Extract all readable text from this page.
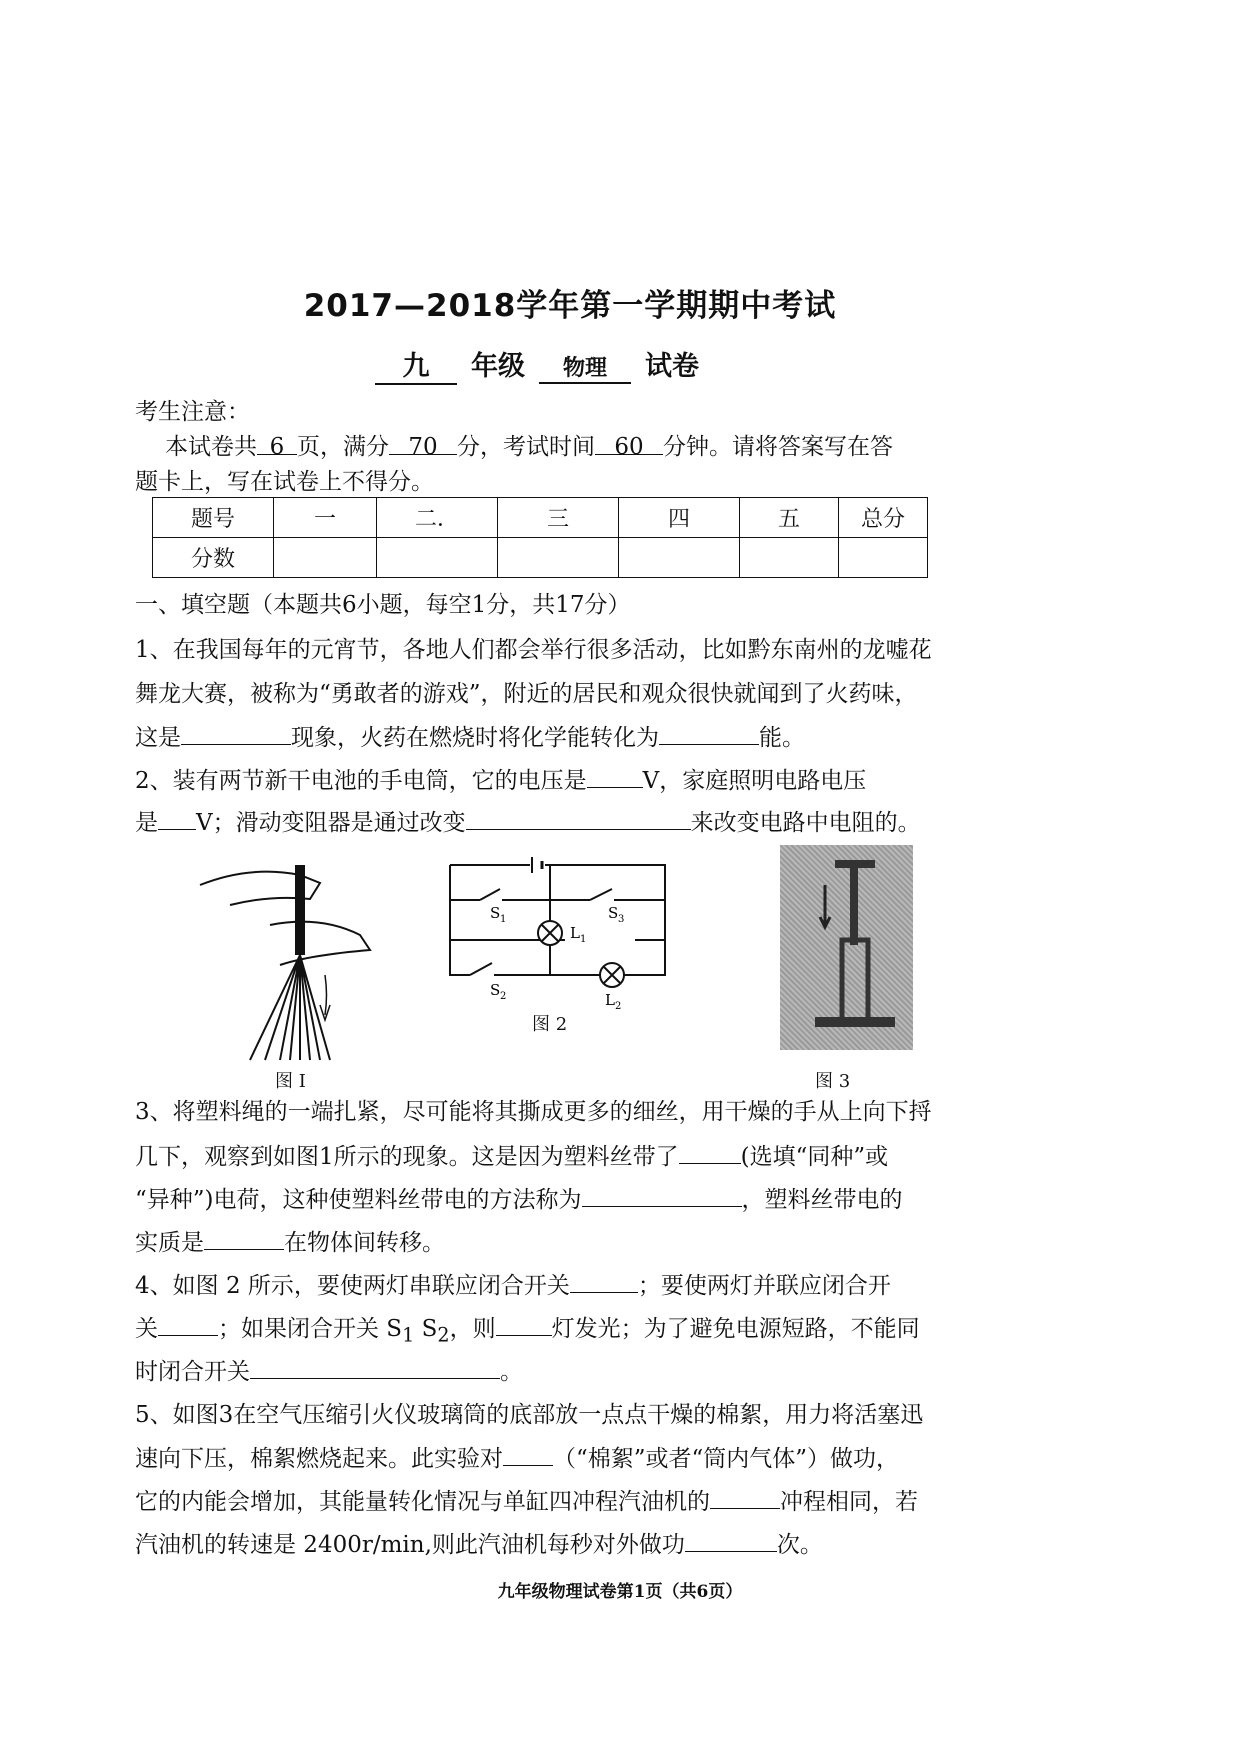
2017—2018学年第一学期期中考试
九	年级	物理	试卷
考生注意：
本试卷共 6 页，满分 70 分，考试时间 60 分钟。请将答案写在答
题卡上，写在试卷上不得分。
题号	一	二．	三	四	五	总分
分数						
一、填空题（本题共6小题，每空1分，共17分）
1、在我国每年的元宵节，各地人们都会举行很多活动，比如黔东南州的龙嘘花
舞龙大赛，被称为“勇敢者的游戏”，附近的居民和观众很快就闻到了火药味，
这是	现象，火药在燃烧时将化学能转化为	能。
2、装有两节新干电池的手电筒，它的电压是 V，家庭照明电路电压
是 V；滑动变阻器是通过改变	来改变电路中电阻的。
图 I
S 1	S 3
L 1
S 2	L 2
图 2
图 3
3、将塑料绳的一端扎紧，尽可能将其撕成更多的细丝，用干燥的手从上向下捋
几下，观察到如图1所示的现象。这是因为塑料丝带了	(选填“同种”或
“异种”)电荷，这种使塑料丝带电的方法称为	，塑料丝带电的
实质是	在物体间转移。
4、如图 2 所示，要使两灯串联应闭合开关	；要使两灯并联应闭合开
关	；如果闭合开关 $S_1$ $S_2$，则 灯发光；为了避免电源短路，不能同
时闭合开关	。
5、如图3在空气压缩引火仪玻璃筒的底部放一点点干燥的棉絮，用力将活塞迅
速向下压，棉絮燃烧起来。此实验对 （“棉絮”或者“筒内气体”）做功，
它的内能会增加，其能量转化情况与单缸四冲程汽油机的	冲程相同，若
汽油机的转速是 2400r/min,则此汽油机每秒对外做功	次。
九年级物理试卷第1页（共6页）
